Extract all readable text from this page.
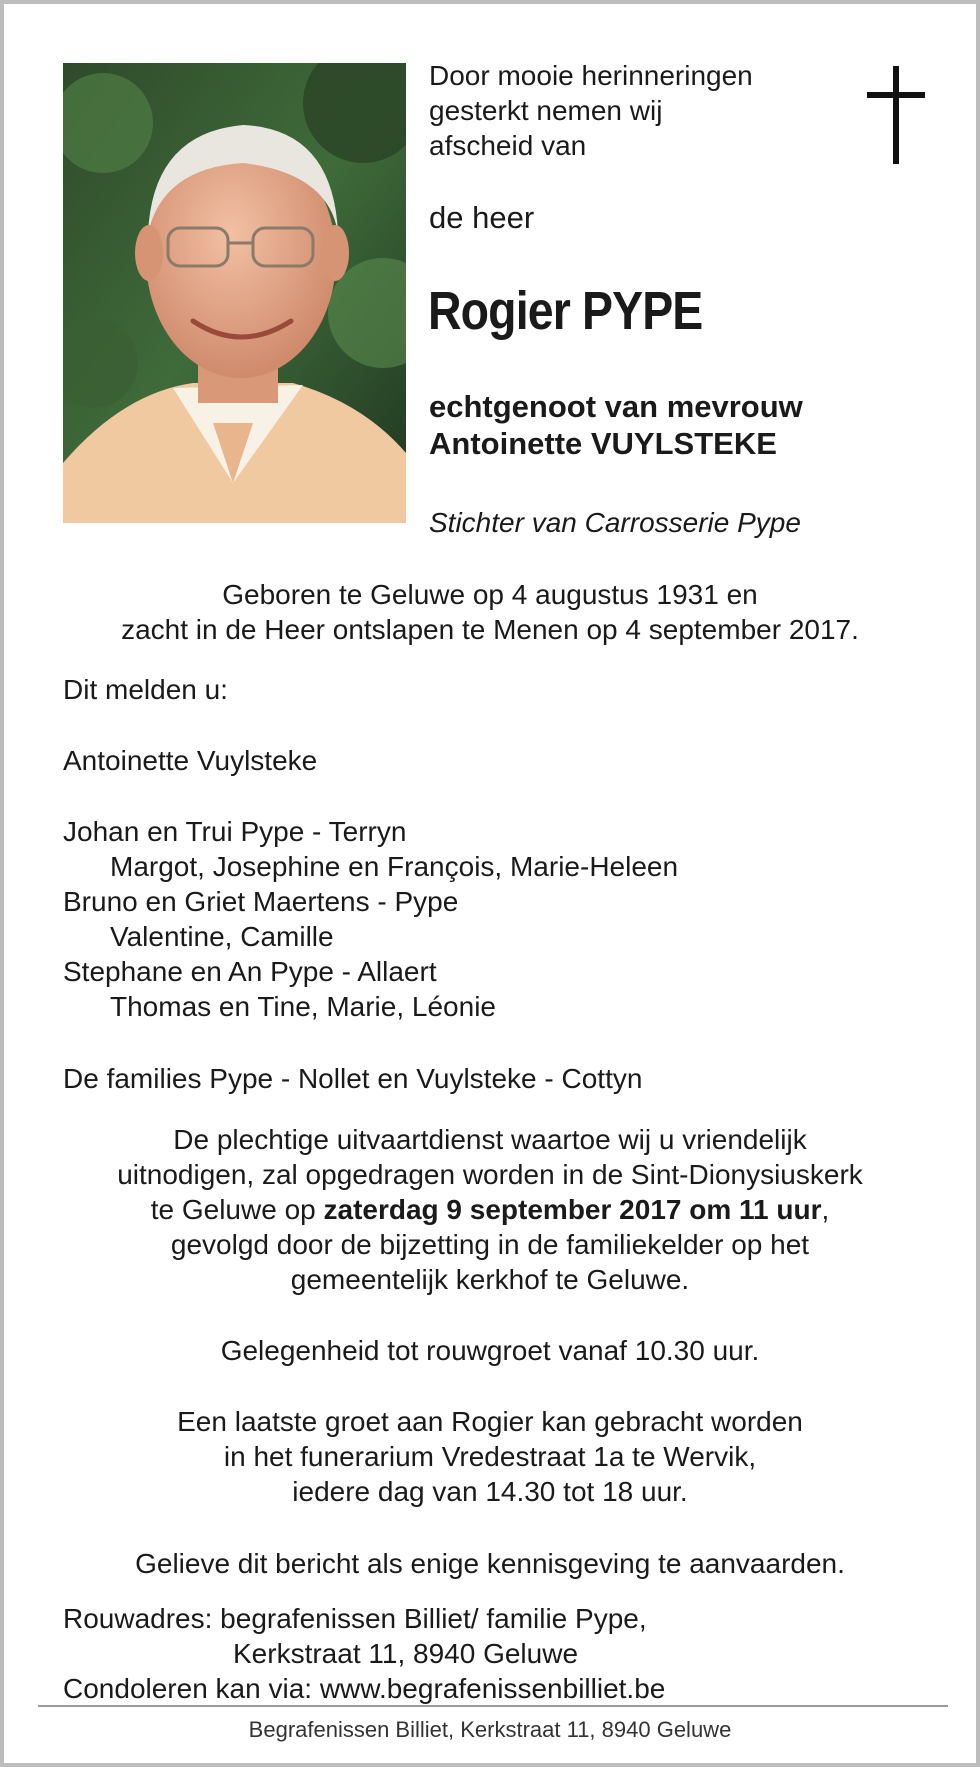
Door mooie herinneringen
gesterkt nemen wij
afscheid van
de heer
Rogier PYPE
echtgenoot van mevrouw
Antoinette VUYLSTEKE
Stichter van Carrosserie Pype
Geboren te Geluwe op 4 augustus 1931 en
zacht in de Heer ontslapen te Menen op 4 september 2017.
Dit melden u:
Antoinette Vuylsteke
Johan en Trui Pype - Terryn
Margot, Josephine en François, Marie-Heleen
Bruno en Griet Maertens - Pype
Valentine, Camille
Stephane en An Pype - Allaert
Thomas en Tine, Marie, Léonie
De families Pype - Nollet en Vuylsteke - Cottyn
De plechtige uitvaartdienst waartoe wij u vriendelijk
uitnodigen, zal opgedragen worden in de Sint-Dionysiuskerk
te Geluwe op zaterdag 9 september 2017 om 11 uur,
gevolgd door de bijzetting in de familiekelder op het
gemeentelijk kerkhof te Geluwe.
Gelegenheid tot rouwgroet vanaf 10.30 uur.
Een laatste groet aan Rogier kan gebracht worden
in het funerarium Vredestraat 1a te Wervik,
iedere dag van 14.30 tot 18 uur.
Gelieve dit bericht als enige kennisgeving te aanvaarden.
Rouwadres: begrafenissen Billiet/ familie Pype,
Kerkstraat 11, 8940 Geluwe
Condoleren kan via: www.begrafenissenbilliet.be
Begrafenissen Billiet, Kerkstraat 11, 8940 Geluwe
